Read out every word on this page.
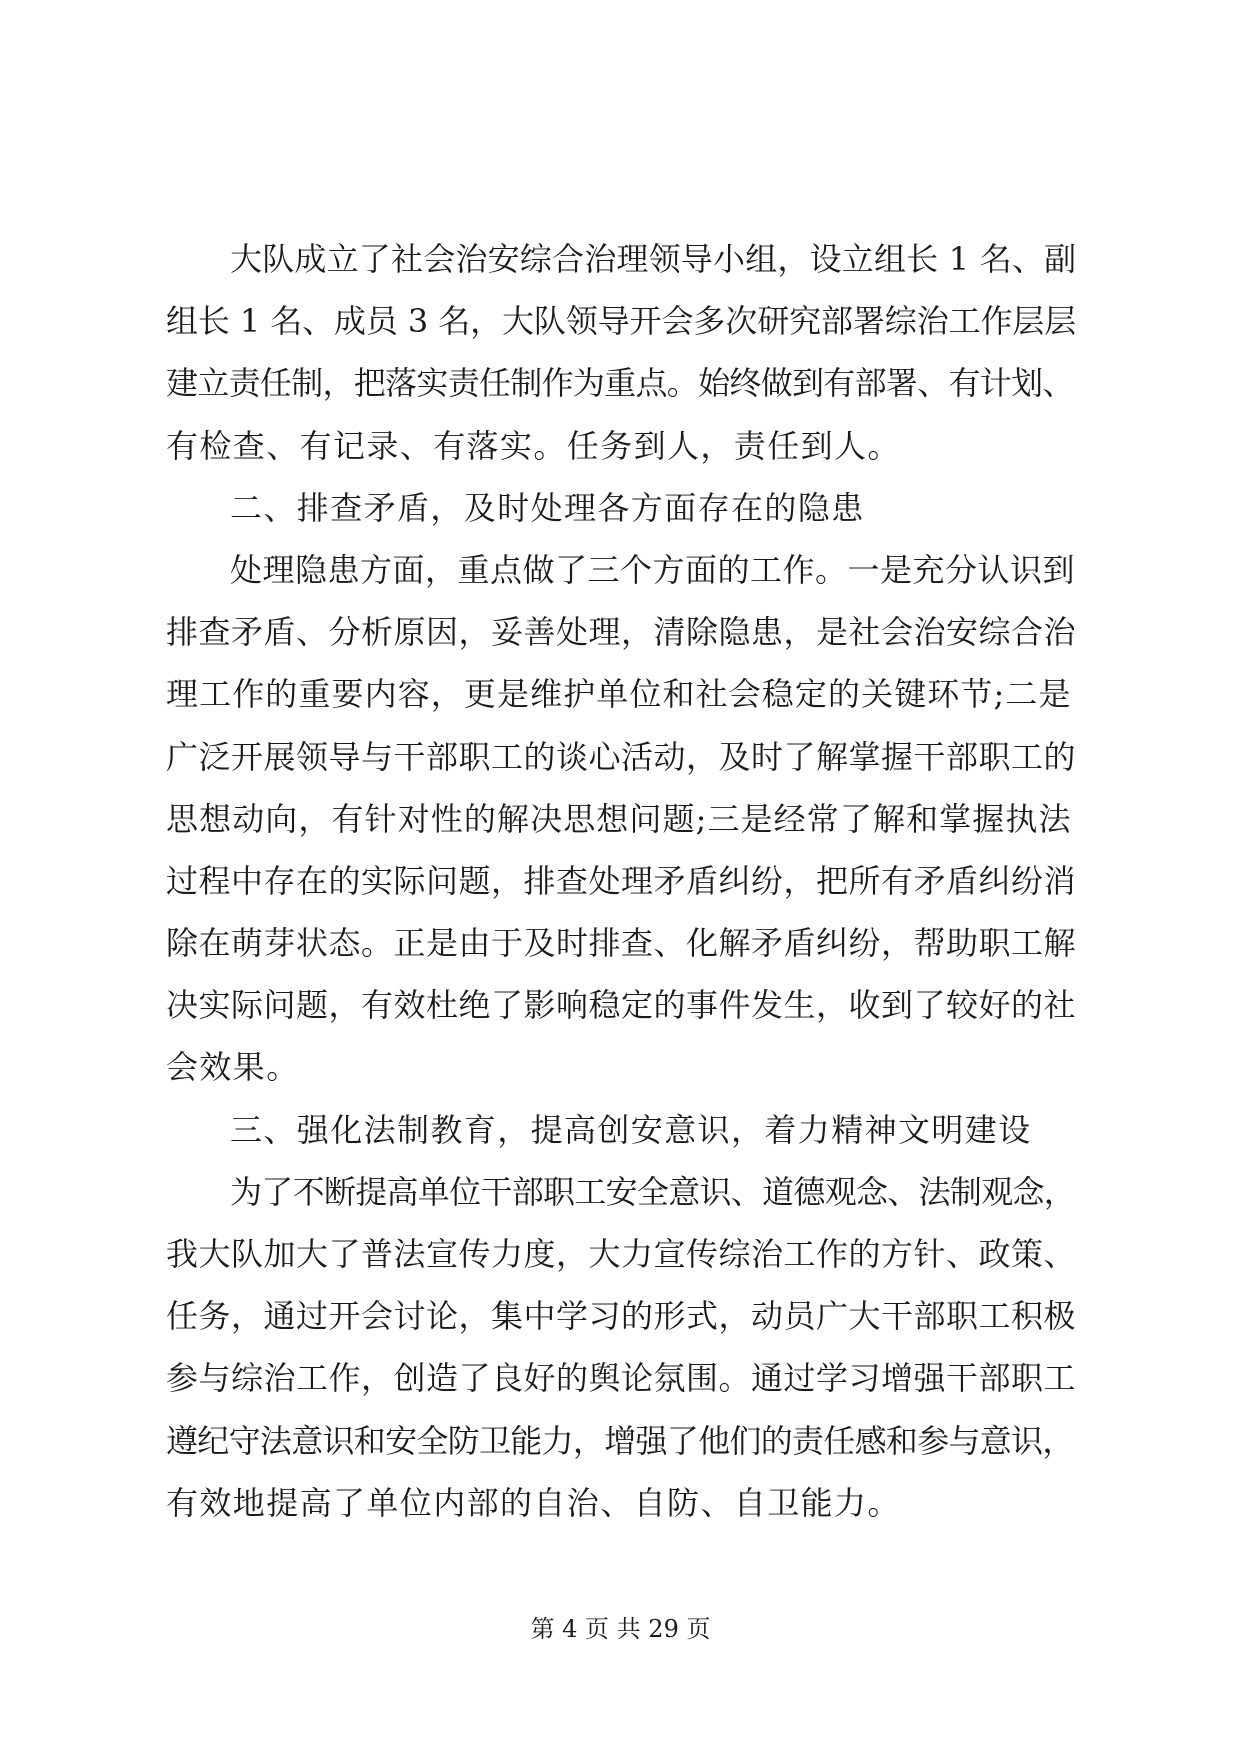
大队成立了社会治安综合治理领导小组，设立组长 1 名、副
组长 1 名、成员 3 名，大队领导开会多次研究部署综治工作层层
建立责任制，把落实责任制作为重点。始终做到有部署、有计划、
有检查、有记录、有落实。任务到人，责任到人。
二、排查矛盾，及时处理各方面存在的隐患
处理隐患方面，重点做了三个方面的工作。一是充分认识到
排查矛盾、分析原因，妥善处理，清除隐患，是社会治安综合治
理工作的重要内容，更是维护单位和社会稳定的关键环节;二是
广泛开展领导与干部职工的谈心活动，及时了解掌握干部职工的
思想动向，有针对性的解决思想问题;三是经常了解和掌握执法
过程中存在的实际问题，排查处理矛盾纠纷，把所有矛盾纠纷消
除在萌芽状态。正是由于及时排查、化解矛盾纠纷，帮助职工解
决实际问题，有效杜绝了影响稳定的事件发生，收到了较好的社
会效果。
三、强化法制教育，提高创安意识，着力精神文明建设
为了不断提高单位干部职工安全意识、道德观念、法制观念，
我大队加大了普法宣传力度，大力宣传综治工作的方针、政策、
任务，通过开会讨论，集中学习的形式，动员广大干部职工积极
参与综治工作，创造了良好的舆论氛围。通过学习增强干部职工
遵纪守法意识和安全防卫能力，增强了他们的责任感和参与意识，
有效地提高了单位内部的自治、自防、自卫能力。
第 4 页 共 29 页
